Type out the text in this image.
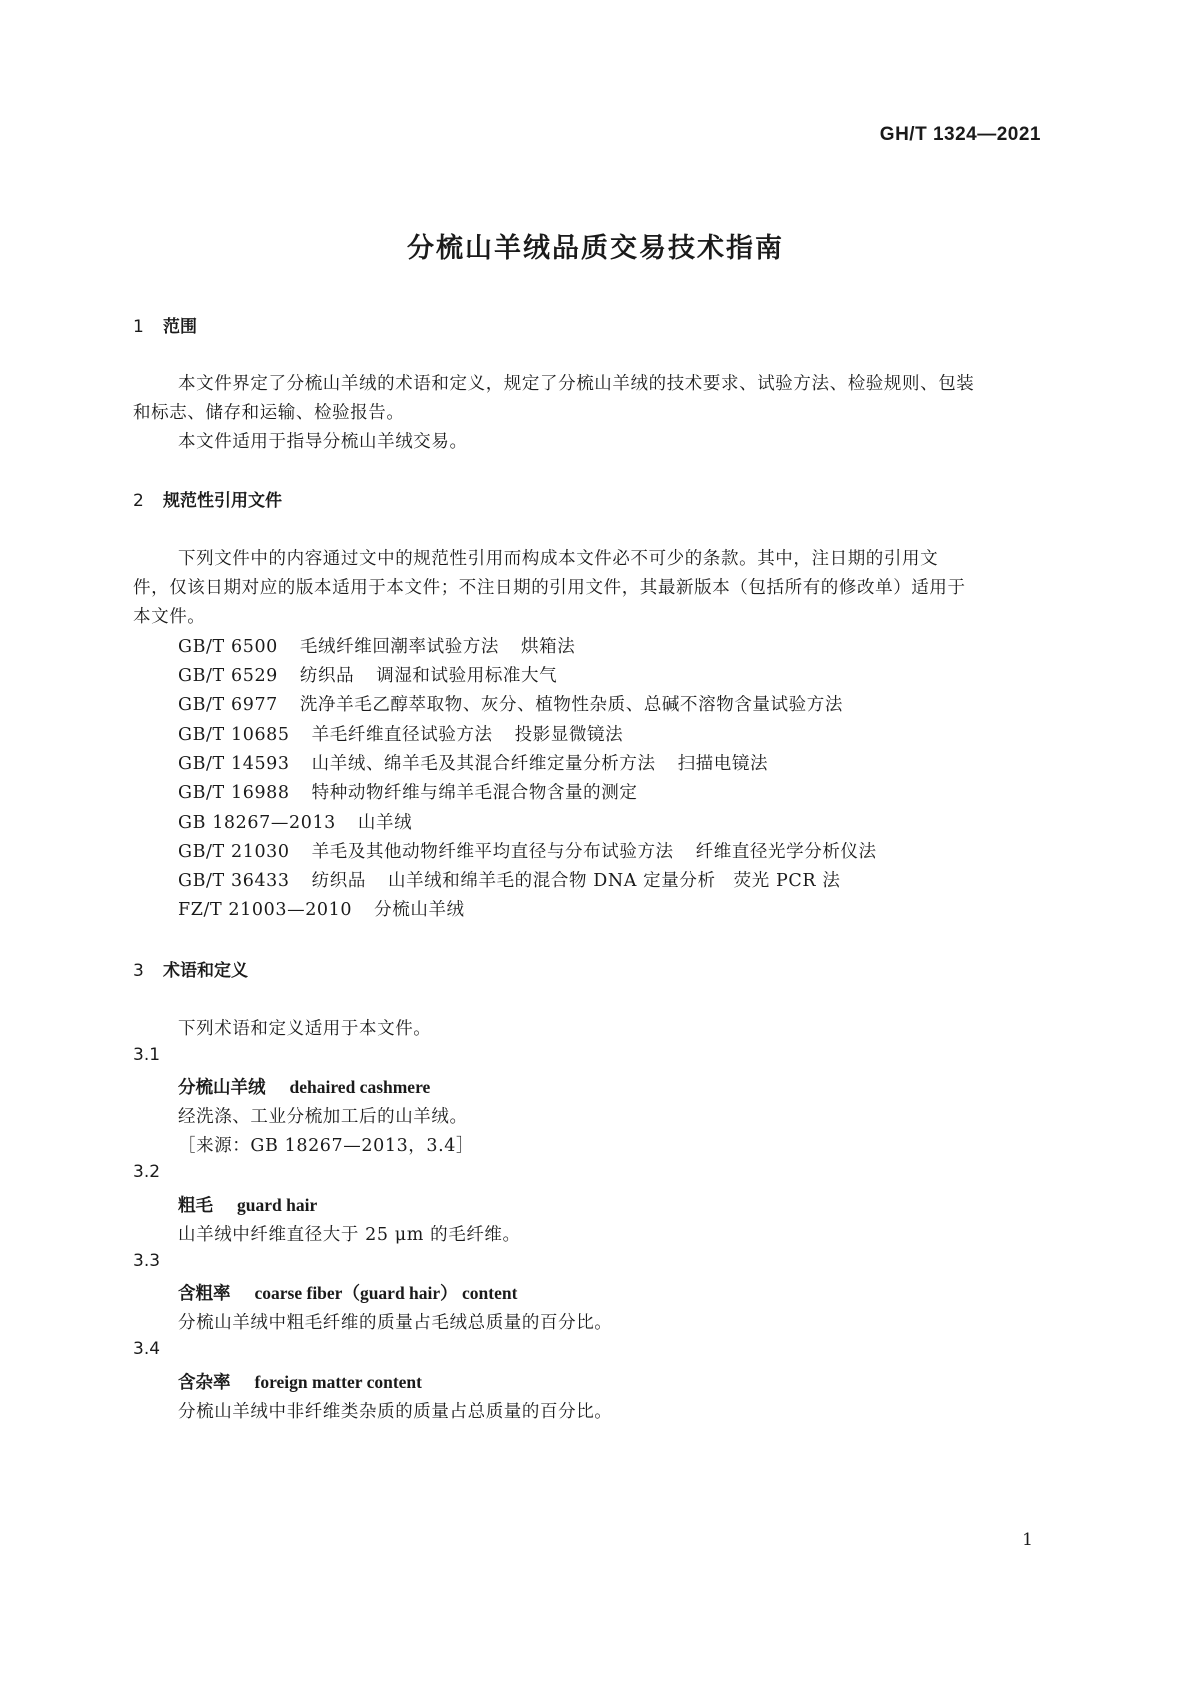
GH/T 1324—2021
分梳山羊绒品质交易技术指南
1 范围
本文件界定了分梳山羊绒的术语和定义，规定了分梳山羊绒的技术要求、试验方法、检验规则、包装
和标志、储存和运输、检验报告。
本文件适用于指导分梳山羊绒交易。
2 规范性引用文件
下列文件中的内容通过文中的规范性引用而构成本文件必不可少的条款。其中，注日期的引用文
件，仅该日期对应的版本适用于本文件；不注日期的引用文件，其最新版本（包括所有的修改单）适用于
本文件。
GB/T 6500 毛绒纤维回潮率试验方法 烘箱法
GB/T 6529 纺织品 调湿和试验用标准大气
GB/T 6977 洗净羊毛乙醇萃取物、灰分、植物性杂质、总碱不溶物含量试验方法
GB/T 10685 羊毛纤维直径试验方法 投影显微镜法
GB/T 14593 山羊绒、绵羊毛及其混合纤维定量分析方法 扫描电镜法
GB/T 16988 特种动物纤维与绵羊毛混合物含量的测定
GB 18267—2013 山羊绒
GB/T 21030 羊毛及其他动物纤维平均直径与分布试验方法 纤维直径光学分析仪法
GB/T 36433 纺织品 山羊绒和绵羊毛的混合物 DNA 定量分析　荧光 PCR 法
FZ/T 21003—2010 分梳山羊绒
3 术语和定义
下列术语和定义适用于本文件。
3.1
分梳山羊绒 dehaired cashmere
经洗涤、工业分梳加工后的山羊绒。
［来源：GB 18267—2013，3.4］
3.2
粗毛 guard hair
山羊绒中纤维直径大于 25 μm 的毛纤维。
3.3
含粗率 coarse fiber（guard hair） content
分梳山羊绒中粗毛纤维的质量占毛绒总质量的百分比。
3.4
含杂率 foreign matter content
分梳山羊绒中非纤维类杂质的质量占总质量的百分比。
1
